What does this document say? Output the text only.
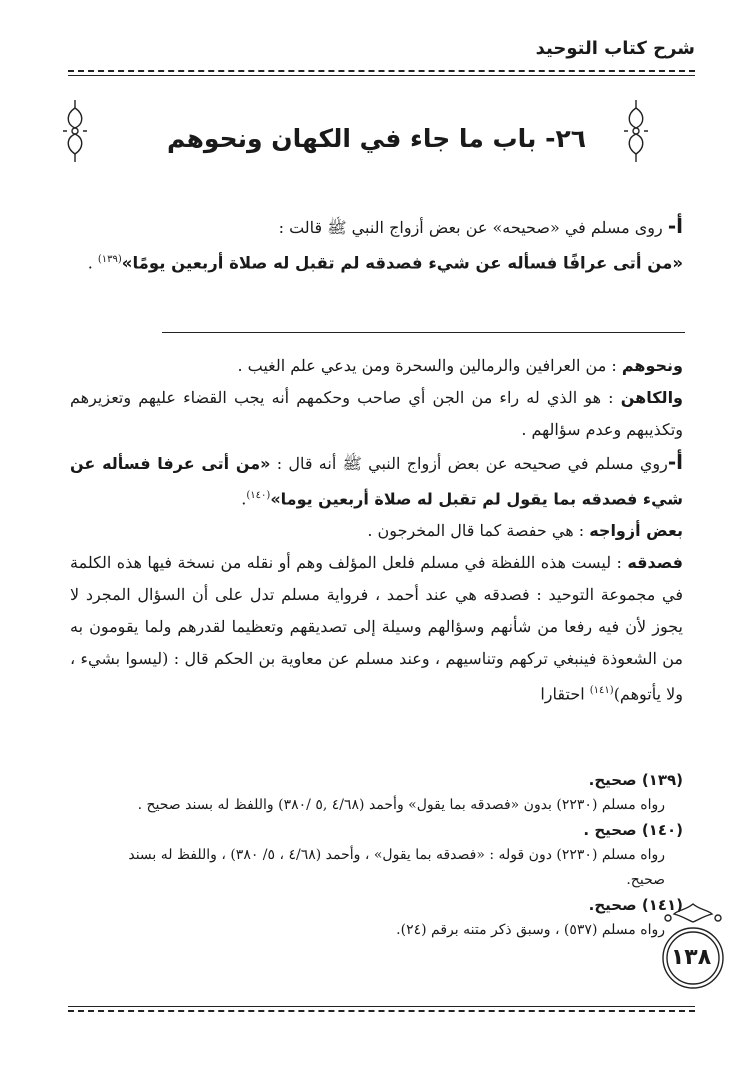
شرح كتاب التوحيد
٢٦- باب ما جاء في الكهان ونحوهم
أ- روى مسلم في «صحيحه» عن بعض أزواج النبي ﷺ قالت :
«من أتى عرافًا فسأله عن شيء فصدقه لم تقبل له صلاة أربعين يومًا»$^{(١٣٩)}$ .

ونحوهم : من العرافين والرمالين والسحرة ومن يدعي علم الغيب .

والكاهن : هو الذي له راء من الجن أي صاحب وحكمهم أنه يجب القضاء عليهم وتعزيرهم وتكذيبهم وعدم سؤالهم .

أ-روي مسلم في صحيحه عن بعض أزواج النبي ﷺ أنه قال : «من أتى عرفا فسأله عن شيء فصدقه بما يقول لم تقبل له صلاة أربعين يوما»$^{(١٤٠)}$.

بعض أزواجه : هي حفصة كما قال المخرجون .

فصدقه : ليست هذه اللفظة في مسلم فلعل المؤلف وهم أو نقله من نسخة فيها هذه الكلمة في مجموعة التوحيد : فصدقه هي عند أحمد ، فرواية مسلم تدل على أن السؤال المجرد لا يجوز لأن فيه رفعا من شأنهم وسؤالهم وسيلة إلى تصديقهم وتعظيما لقدرهم ولما يقومون به من الشعوذة فينبغي تركهم وتناسيهم ، وعند مسلم عن معاوية بن الحكم قال : (ليسوا بشيء ، ولا يأتوهم)$^{(١٤١)}$ احتقارا

(١٣٩) صحيح.
رواه مسلم (٢٢٣٠) بدون «فصدقه بما يقول» وأحمد (٤/٦٨ ,٥ /٣٨٠) واللفظ له بسند صحيح .
(١٤٠) صحيح .
رواه مسلم (٢٢٣٠) دون قوله : «فصدقه بما يقول» ، وأحمد (٤/٦٨ ، ٥/ ٣٨٠) ، واللفظ له بسند صحيح.
(١٤١) صحيح.
رواه مسلم (٥٣٧) ، وسبق ذكر متنه برقم (٢٤).
١٣٨
